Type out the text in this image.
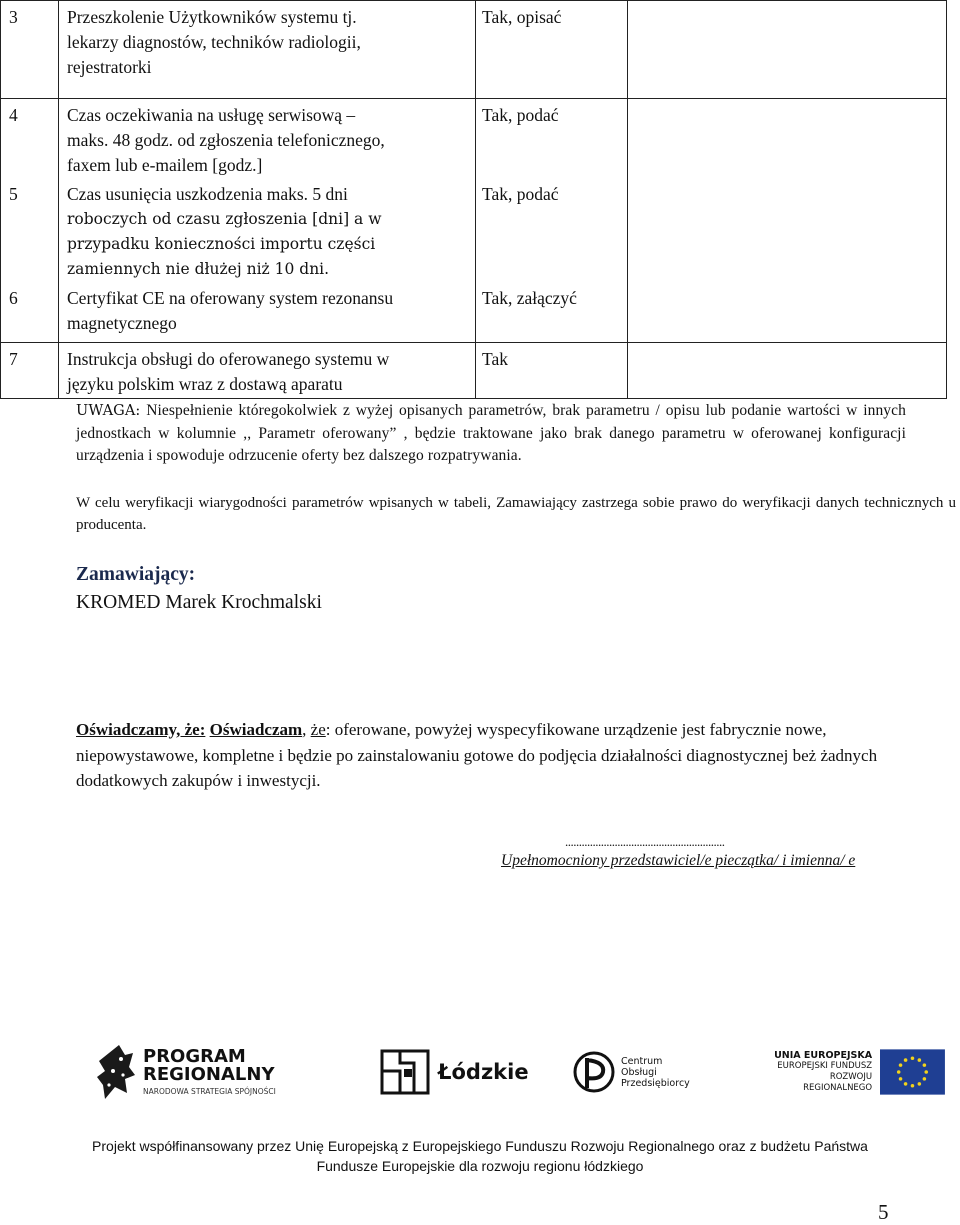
3	Przeszkolenie Użytkowników systemu tj.
lekarzy diagnostów, techników radiologii,
rejestratorki	Tak, opisać	
4	Czas oczekiwania na usługę serwisową –
maks. 48 godz. od zgłoszenia telefonicznego,
faxem lub e-mailem [godz.]	Tak, podać	
5	Czas usunięcia uszkodzenia maks. 5 dni
roboczych od czasu zgłoszenia [dni] a w
przypadku konieczności importu części
zamiennych nie dłużej niż 10 dni.	Tak, podać	
6	Certyfikat CE na oferowany system rezonansu
magnetycznego	Tak, załączyć	
7	Instrukcja obsługi do oferowanego systemu w
języku polskim wraz z dostawą aparatu	Tak	
UWAGA: Niespełnienie któregokolwiek z wyżej opisanych parametrów, brak parametru / opisu lub podanie wartości w innych jednostkach w kolumnie ,, Parametr oferowany” , będzie traktowane jako brak danego parametru w oferowanej konfiguracji urządzenia i spowoduje odrzucenie oferty bez dalszego rozpatrywania.
W celu weryfikacji wiarygodności parametrów wpisanych w tabeli, Zamawiający zastrzega sobie prawo do weryfikacji danych technicznych u producenta.
Zamawiający:
KROMED Marek Krochmalski
Oświadczamy, że: Oświadczam, że: oferowane, powyżej wyspecyfikowane urządzenie jest fabrycznie nowe, niepowystawowe, kompletne i będzie po zainstalowaniu gotowe do podjęcia działalności diagnostycznej beż żadnych dodatkowych zakupów i inwestycji.
..........................................................
Upełnomocniony przedstawiciel/e pieczątka/ i imienna/ e
PROGRAM
REGIONALNY
NARODOWA STRATEGIA SPÓJNOŚCI
Łódzkie	Centrum
Obsługi
Przedsiębiorcy
UNIA EUROPEJSKA
EUROPEJSKI FUNDUSZ
ROZWOJU REGIONALNEGO
Projekt współfinansowany przez Unię Europejską z Europejskiego Funduszu Rozwoju Regionalnego oraz z budżetu Państwa
Fundusze Europejskie dla rozwoju regionu łódzkiego
5
